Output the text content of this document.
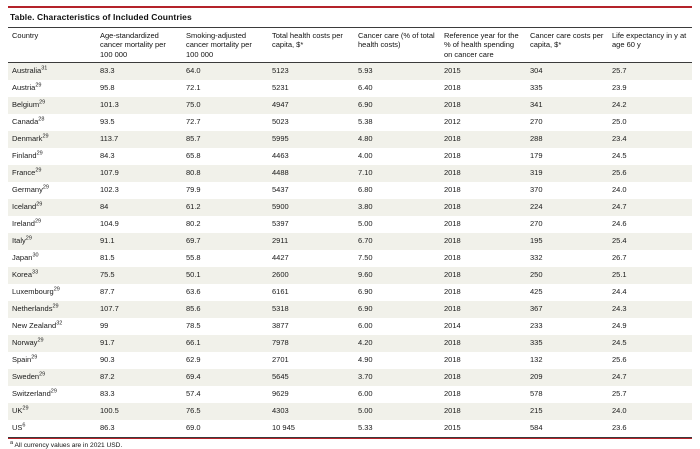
Table. Characteristics of Included Countries
Country	Age-standardized cancer mortality per 100 000	Smoking-adjusted cancer mortality per 100 000	Total health costs per capita, $*	Cancer care (% of total health costs)	Reference year for the % of health spending on cancer care	Cancer care costs per capita, $*	Life expectancy in y at age 60 y
Australia$^{31}$	83.3	64.0	5123	5.93	2015	304	25.7
Austria$^{29}$	95.8	72.1	5231	6.40	2018	335	23.9
Belgium$^{29}$	101.3	75.0	4947	6.90	2018	341	24.2
Canada$^{28}$	93.5	72.7	5023	5.38	2012	270	25.0
Denmark$^{29}$	113.7	85.7	5995	4.80	2018	288	23.4
Finland$^{29}$	84.3	65.8	4463	4.00	2018	179	24.5
France$^{29}$	107.9	80.8	4488	7.10	2018	319	25.6
Germany$^{29}$	102.3	79.9	5437	6.80	2018	370	24.0
Iceland$^{29}$	84	61.2	5900	3.80	2018	224	24.7
Ireland$^{29}$	104.9	80.2	5397	5.00	2018	270	24.6
Italy$^{29}$	91.1	69.7	2911	6.70	2018	195	25.4
Japan$^{30}$	81.5	55.8	4427	7.50	2018	332	26.7
Korea$^{33}$	75.5	50.1	2600	9.60	2018	250	25.1
Luxembourg$^{29}$	87.7	63.6	6161	6.90	2018	425	24.4
Netherlands$^{29}$	107.7	85.6	5318	6.90	2018	367	24.3
New Zealand$^{32}$	99	78.5	3877	6.00	2014	233	24.9
Norway$^{29}$	91.7	66.1	7978	4.20	2018	335	24.5
Spain$^{29}$	90.3	62.9	2701	4.90	2018	132	25.6
Sweden$^{29}$	87.2	69.4	5645	3.70	2018	209	24.7
Switzerland$^{29}$	83.3	57.4	9629	6.00	2018	578	25.7
UK$^{29}$	100.5	76.5	4303	5.00	2018	215	24.0
$US^6$	86.3	69.0	10 945	5.33	2015	584	23.6
$^a$ All currency values are in 2021 USD.
